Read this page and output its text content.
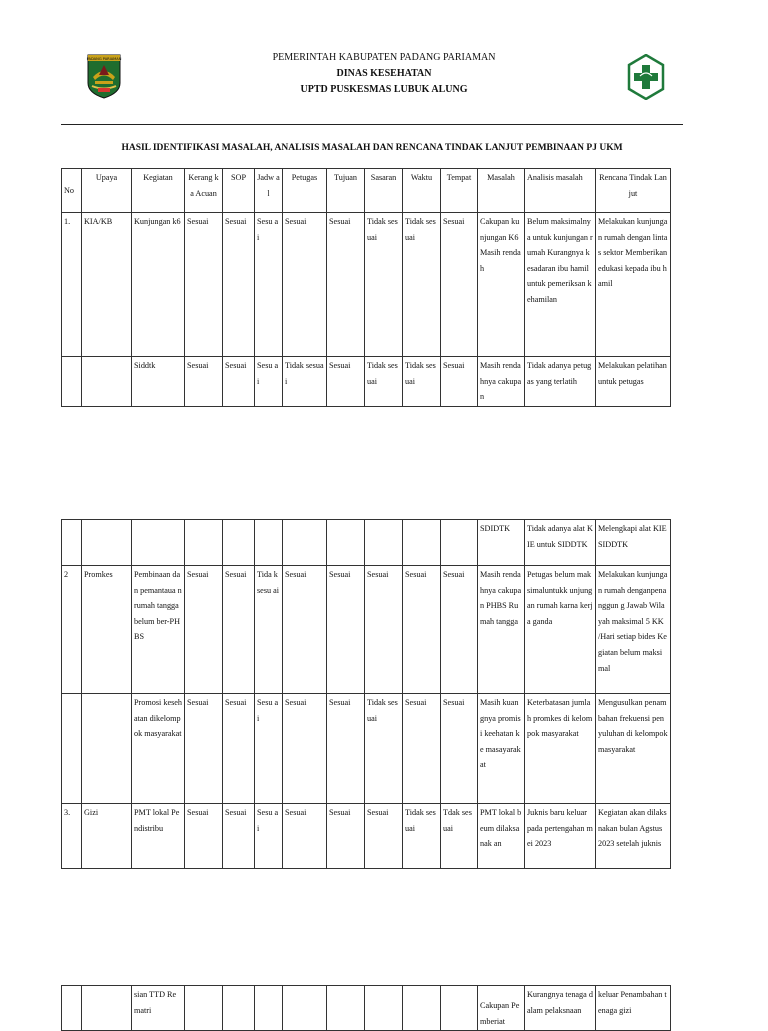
PADANG PARIAMAN	PEMERINTAH KABUPATEN PADANG PARIAMAN
DINAS KESEHATAN
UPTD PUSKESMAS LUBUK ALUNG
HASIL IDENTIFIKASI MASALAH, ANALISIS MASALAH DAN RENCANA TINDAK LANJUT PEMBINAAN PJ UKM
No	Upaya	Kegiatan	Kerang ka Acuan	SOP	Jadw al	Petugas	Tujuan	Sasaran	Waktu	Tempat	Masalah	Analisis masalah	Rencana Tindak Lanjut
1.	KIA/KB	Kunjungan k6	Sesuai	Sesuai	Sesu ai	Sesuai	Sesuai	Tidak sesuai	Tidak sesuai	Sesuai	Cakupan kunjungan K6 Masih rendah	Belum maksimalnya untuk kunjungan rumah Kurangnya kesadaran ibu hamil untuk pemeriksan kehamilan	Melakukan kunjungan rumah dengan lintas sektor Memberikan edukasi kepada ibu hamil
		Siddtk	Sesuai	Sesuai	Sesu ai	Tidak sesuai	Sesuai	Tidak sesuai	Tidak sesuai	Sesuai	Masih rendahnya cakupan	Tidak adanya petugas yang terlatih	Melakukan pelatihan untuk petugas
											SDIDTK	Tidak adanya alat KIE untuk SIDDTK	Melengkapi alat KIE SIDDTK
2	Promkes	Pembinaan dan pemantaua n rumah tangga belum ber-PHBS	Sesuai	Sesuai	Tida k sesu ai	Sesuai	Sesuai	Sesuai	Sesuai	Sesuai	Masih rendahnya cakupan PHBS Rumah tangga	Petugas belum maksimaluntukk unjungan rumah karna kerja ganda	Melakukan kunjungan rumah denganpenanggun g Jawab Wilayah maksimal 5 KK /Hari setiap bides Kegiatan belum maksimal
		Promosi kesehatan dikelompok masyarakat	Sesuai	Sesuai	Sesu ai	Sesuai	Sesuai	Tidak sesuai	Sesuai	Sesuai	Masih kuangnya promisi keehatan ke masayarak at	Keterbatasan jumlah promkes di kelompok masyarakat	Mengusulkan penambahan frekuensi penyuluhan di kelompok masyarakat
3.	Gizi	PMT lokal Pendistribu	Sesuai	Sesuai	Sesu ai	Sesuai	Sesuai	Sesuai	Tidak sesuai	Tdak sesuai	PMT lokal beum dilaksanak an	Juknis baru keluar pada pertengahan mei 2023	Kegiatan akan dilaksnakan bulan Agstus 2023 setelah juknis
		sian TTD Rematri									Cakupan Pemberiat	Kurangnya tenaga dalam pelaksnaan	keluar Penambahan tenaga gizi
